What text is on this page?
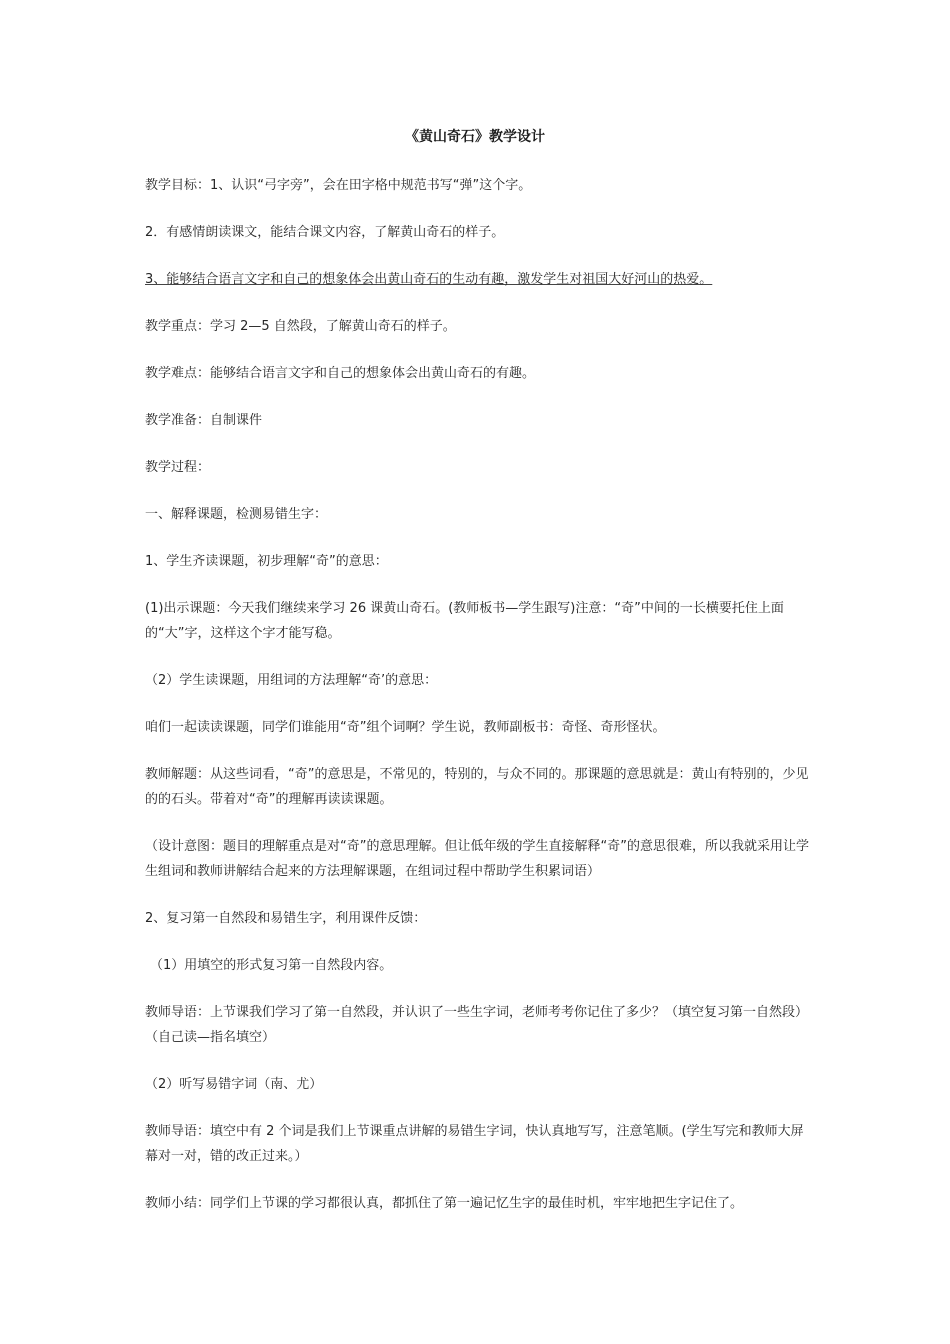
《黄山奇石》教学设计
教学目标：1、认识“弓字旁”，会在田字格中规范书写“弹”这个字。
2．有感情朗读课文，能结合课文内容，了解黄山奇石的样子。
3、能够结合语言文字和自己的想象体会出黄山奇石的生动有趣，激发学生对祖国大好河山的热爱。
教学重点：学习 2—5 自然段，了解黄山奇石的样子。
教学难点：能够结合语言文字和自己的想象体会出黄山奇石的有趣。
教学准备：自制课件
教学过程：
一、解释课题，检测易错生字：
1、学生齐读课题，初步理解“奇”的意思：
(1)出示课题：今天我们继续来学习 26 课黄山奇石。(教师板书—学生跟写)注意：“奇”中间的一长横要托住上面的“大”字，这样这个字才能写稳。
（2）学生读课题，用组词的方法理解“奇’的意思：
咱们一起读读课题，同学们谁能用“奇”组个词啊？学生说，教师副板书：奇怪、奇形怪状。
教师解题：从这些词看，“奇”的意思是，不常见的，特别的，与众不同的。那课题的意思就是：黄山有特别的，少见的的石头。带着对“奇”的理解再读读课题。
（设计意图：题目的理解重点是对“奇”的意思理解。但让低年级的学生直接解释“奇”的意思很难，所以我就采用让学生组词和教师讲解结合起来的方法理解课题，在组词过程中帮助学生积累词语）
2、复习第一自然段和易错生字，利用课件反馈：
（1）用填空的形式复习第一自然段内容。
教师导语：上节课我们学习了第一自然段，并认识了一些生字词，老师考考你记住了多少？（填空复习第一自然段）（自己读—指名填空）
（2）听写易错字词（南、尤）
教师导语：填空中有 2 个词是我们上节课重点讲解的易错生字词，快认真地写写，注意笔顺。(学生写完和教师大屏幕对一对，错的改正过来。）
教师小结：同学们上节课的学习都很认真，都抓住了第一遍记忆生字的最佳时机，牢牢地把生字记住了。
